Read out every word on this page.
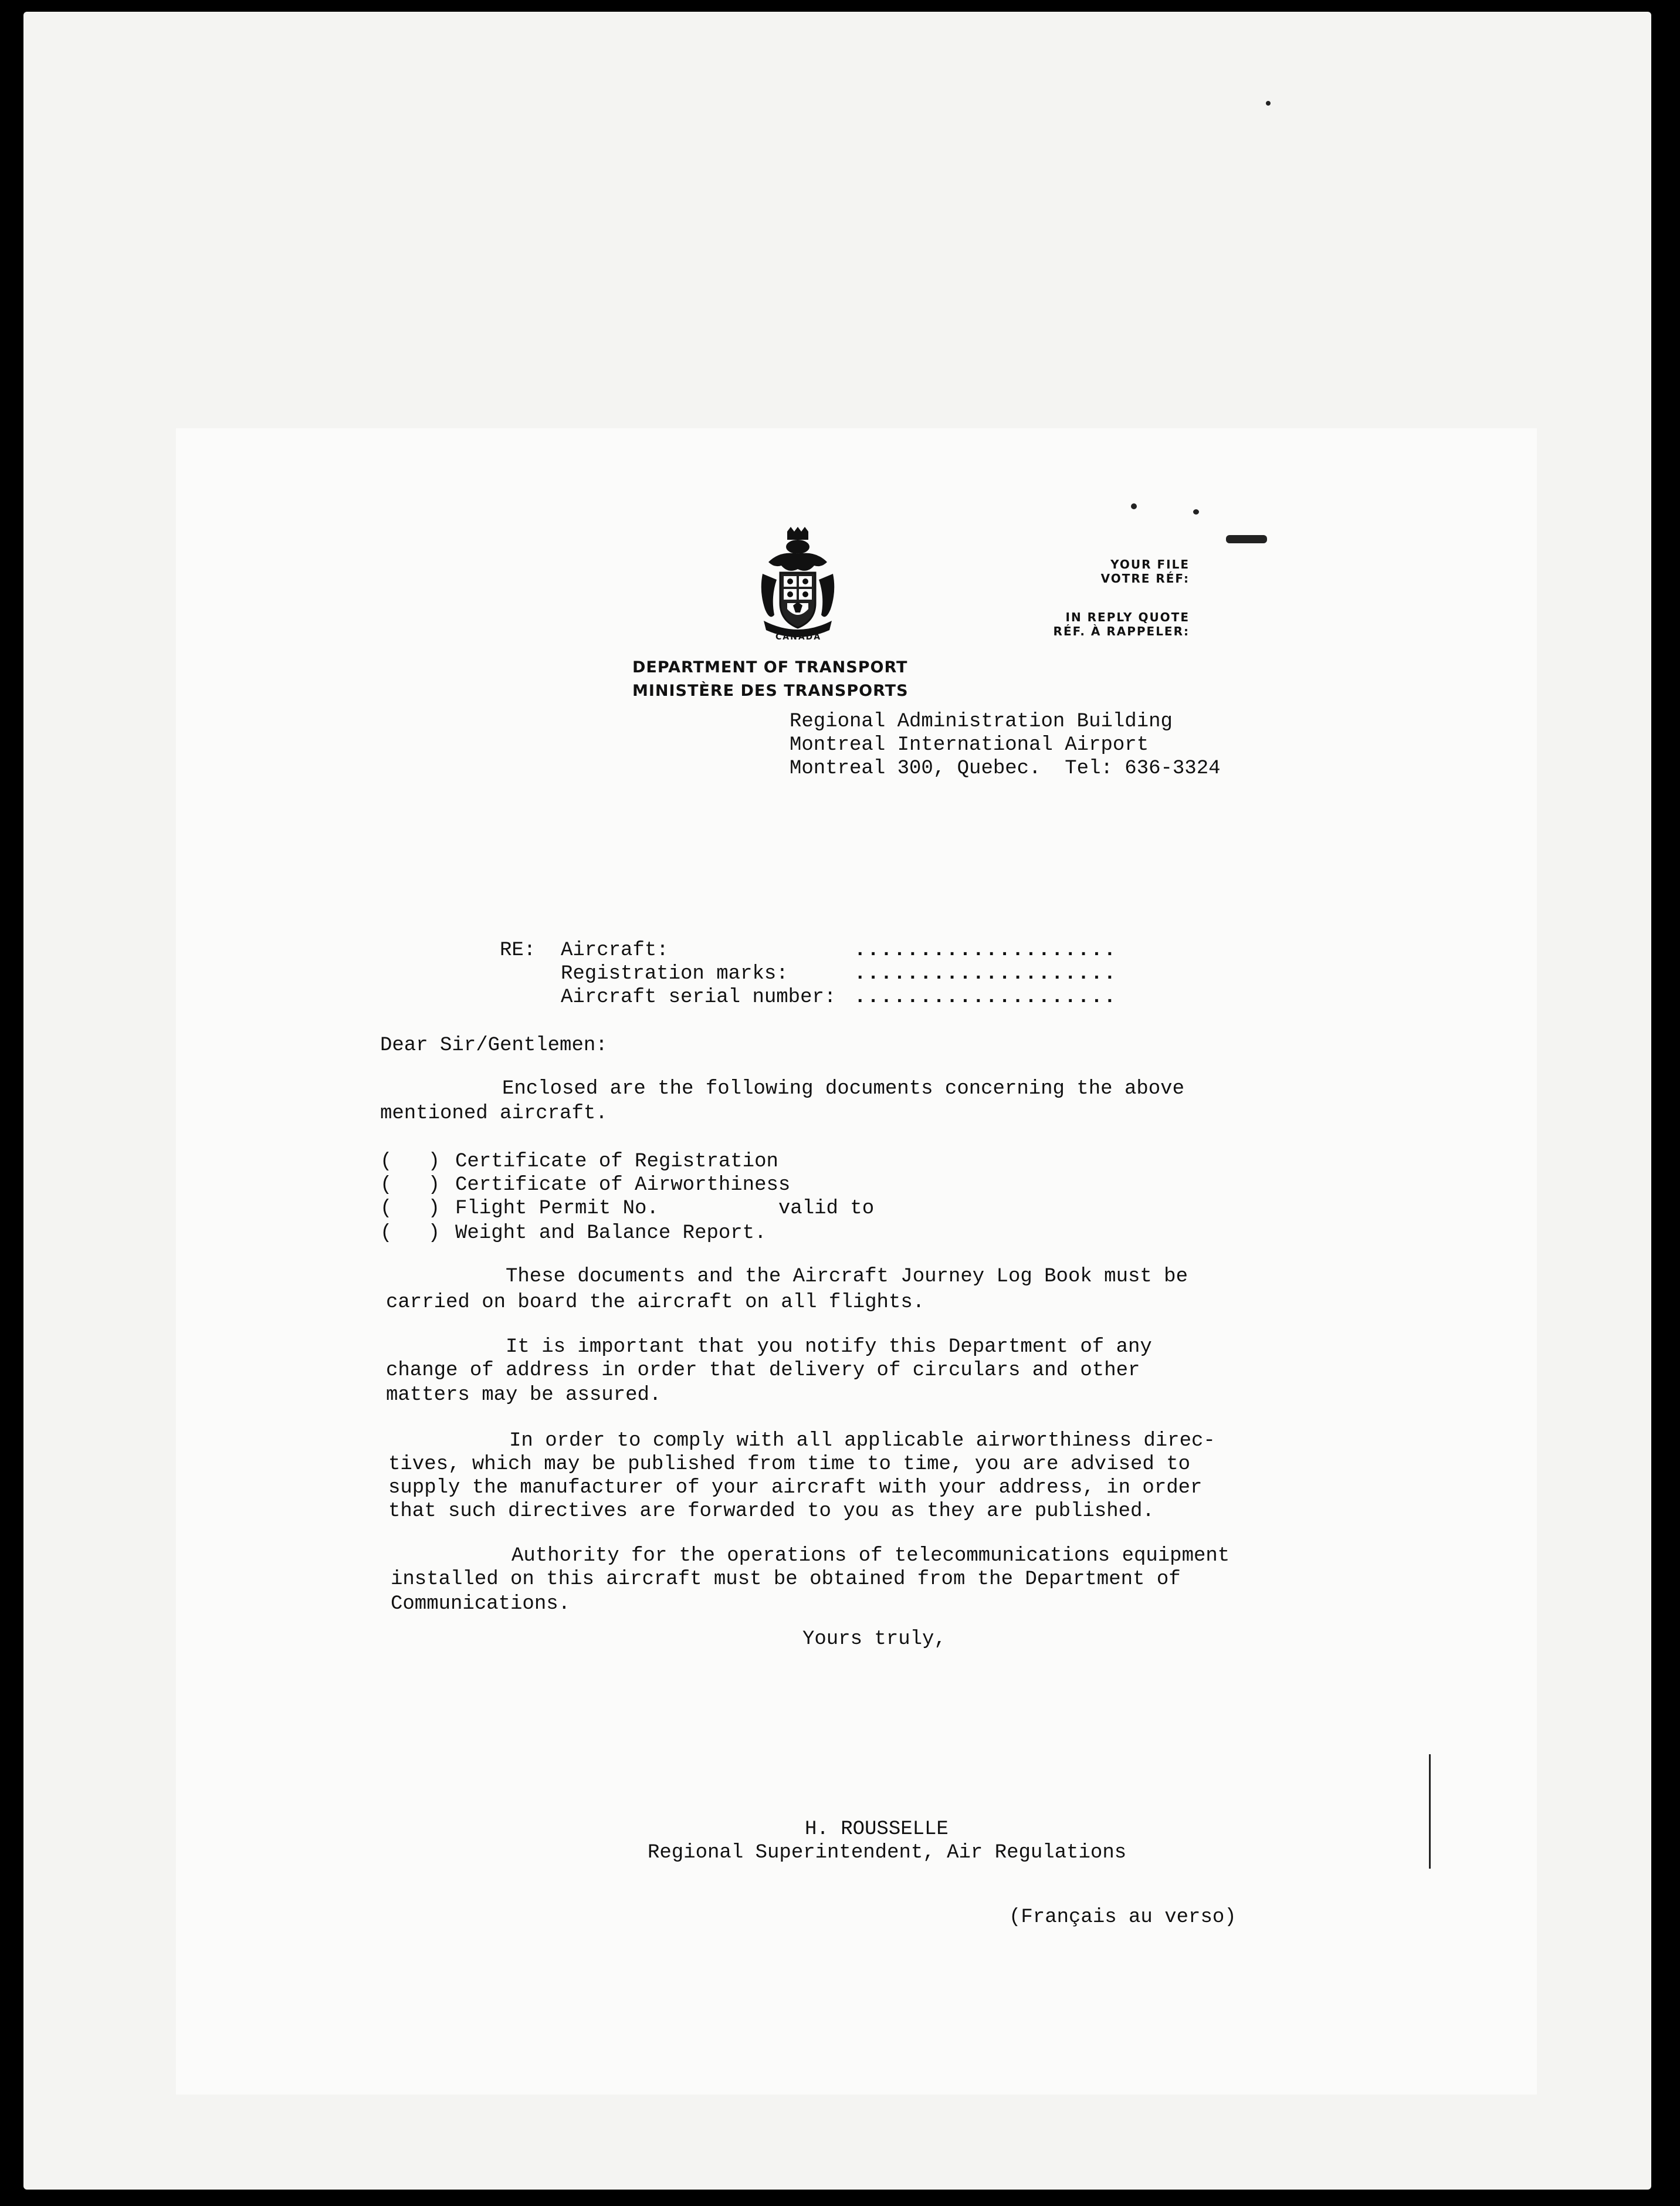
CANADA
DEPARTMENT OF TRANSPORT
MINISTÈRE DES TRANSPORTS
YOUR FILE
VOTRE RÉF:
IN REPLY QUOTE
RÉF. À RAPPELER:
Regional Administration Building
Montreal International Airport
Montreal 300, Quebec.  Tel: 636-3324
RE: Aircraft:	....................
Registration marks:	....................
Aircraft serial number: ....................
Dear Sir/Gentlemen:
Enclosed are the following documents concerning the above
mentioned aircraft.
(   ) Certificate of Registration
(   ) Certificate of Airworthiness
(   ) Flight Permit No.          valid to
(   ) Weight and Balance Report.
These documents and the Aircraft Journey Log Book must be
carried on board the aircraft on all flights.
It is important that you notify this Department of any
change of address in order that delivery of circulars and other
matters may be assured.
In order to comply with all applicable airworthiness direc-
tives, which may be published from time to time, you are advised to
supply the manufacturer of your aircraft with your address, in order
that such directives are forwarded to you as they are published.
Authority for the operations of telecommunications equipment
installed on this aircraft must be obtained from the Department of
Communications.
Yours truly,
H. ROUSSELLE
Regional Superintendent, Air Regulations
(Français au verso)
